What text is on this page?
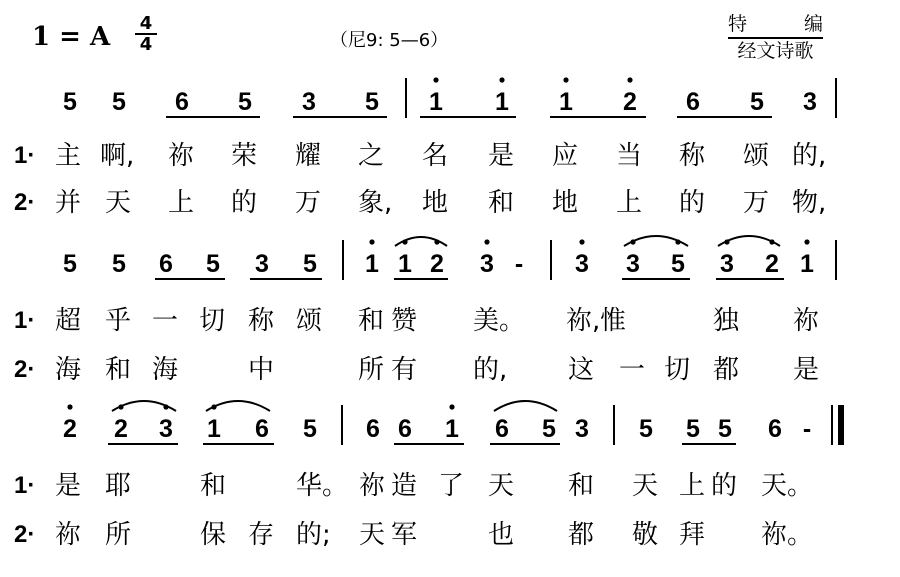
1 = A 4
4	（尼9: 5—6）
特	编
经文诗歌
5 5 6 5 3 5 1 1 1 2 6 5 3
1·
2·
主 啊, 祢 荣 耀 之 名 是 应 当 称 颂 的,
并 天 上 的 万 象, 地 和 地 上 的 万 物,
5 5 6 5 3 5 1 1 2 3 - 3 3 5 3 2 1
1·
2·
超 乎 一 切 称 颂 和 赞 美。 祢, 惟	独 祢
海 和 海	中	所 有 的, 这 一 切 都 是
2 2 3 1 6 5 6 6 1 6 5 3 5 5 5 6 -
1·
2·
是 耶	和	华。 祢 造 了 天 和 天 上 的 天。
祢 所	保 存 的; 天 军	也 都 敬 拜 祢。
